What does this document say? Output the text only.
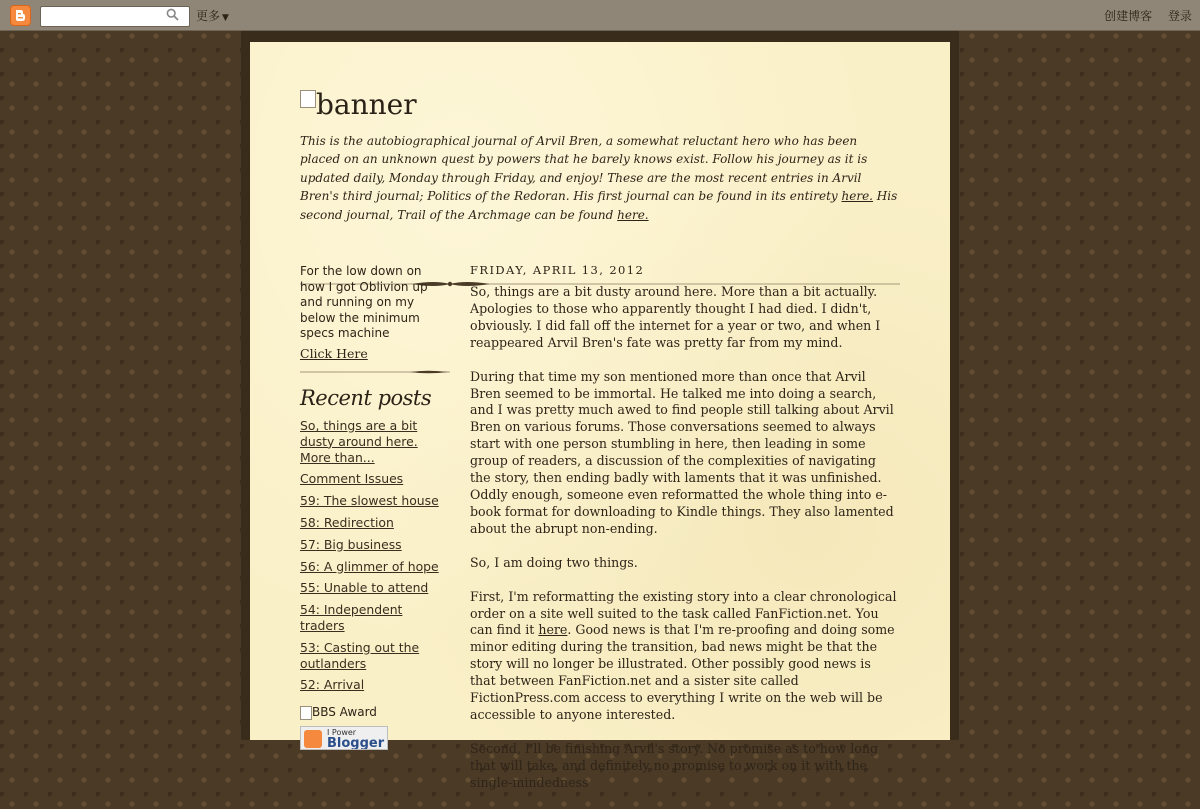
更多 ▼	创建博客 登录
banner
This is the autobiographical journal of Arvil Bren, a somewhat reluctant hero who has been placed on an unknown quest by powers that he barely knows exist. Follow his journey as it is updated daily, Monday through Friday, and enjoy! These are the most recent entries in Arvil Bren's third journal; Politics of the Redoran. His first journal can be found in its entirety here. His second journal, Trail of the Archmage can be found here.
For the low down on how I got Oblivion up and running on my below the minimum specs machine
Click Here
Recent posts
So, things are a bit dusty around here. More than...
Comment Issues
59: The slowest house
58: Redirection
57: Big business
56: A glimmer of hope
55: Unable to attend
54: Independent traders
53: Casting out the outlanders
52: Arrival
BBS Award
I Power
Blogger
FRIDAY, APRIL 13, 2012

So, things are a bit dusty around here. More than a bit actually. Apologies to those who apparently thought I had died. I didn't, obviously. I did fall off the internet for a year or two, and when I reappeared Arvil Bren's fate was pretty far from my mind.

During that time my son mentioned more than once that Arvil Bren seemed to be immortal. He talked me into doing a search, and I was pretty much awed to find people still talking about Arvil Bren on various forums. Those conversations seemed to always start with one person stumbling in here, then leading in some group of readers, a discussion of the complexities of navigating the story, then ending badly with laments that it was unfinished. Oddly enough, someone even reformatted the whole thing into e-book format for downloading to Kindle things. They also lamented about the abrupt non-ending.

So, I am doing two things.

First, I'm reformatting the existing story into a clear chronological order on a site well suited to the task called FanFiction.net. You can find it here. Good news is that I'm re-proofing and doing some minor editing during the transition, bad news might be that the story will no longer be illustrated. Other possibly good news is that between FanFiction.net and a sister site called FictionPress.com access to everything I write on the web will be accessible to anyone interested.

Second, I'll be finishing Arvil's story. No promise as to how long that will take, and definitely no promise to work on it with the single-mindedness
